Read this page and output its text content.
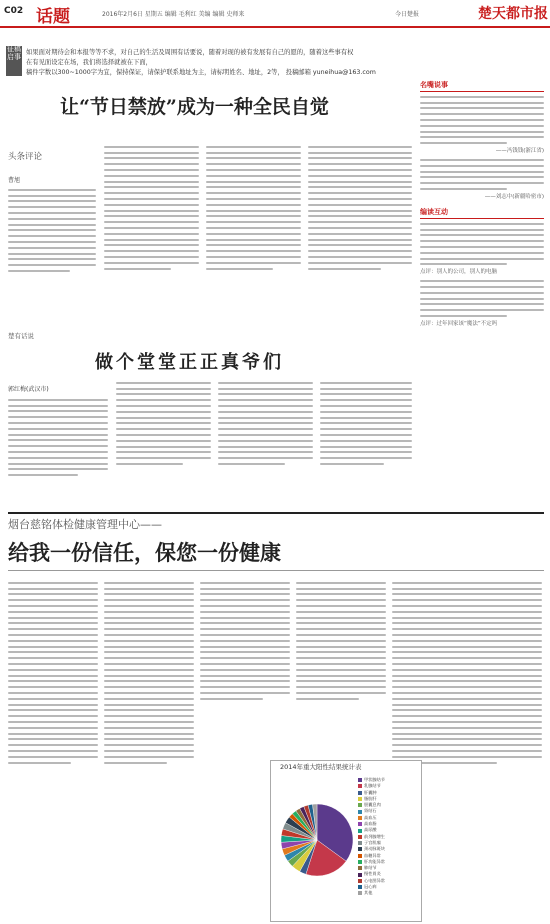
C02 话题	2016年2月6日 星期五 编辑 毛利红 美编 编辑 史师来	今日楚报	楚天都市报
征稿启事 如果面对期待会和本报等等不求，对自己的生活及周围有话要说，随着对现的被有发展有自己的愿的，随着这些事有权
在有见面设定在场，我们将选择就被在下面，
稿件字数以300~1000字为宜，保持保证，请保护联系地址为主，请标明姓名、地址，2等， 投稿邮箱 yuneihua@163.com
让“节日禁放”成为一种全民自觉
头条评论
曹旭
楚有话说
做个堂堂正正真爷们
郭红梅(武汉市)
名嘴说事
——冯钱钱(浙江省)
——刘志中(新疆哈密市)
编读互动
点评：别人的公司，别人的电脑
点评：过年回家该“魔法”不定吗
烟台慈铭体检健康管理中心——
给我一份信任，保您一份健康
2014年重大阳性结果统计表
甲状腺结节
乳腺结节
肝囊肿
脂肪肝
胆囊息肉
肾结石
高血压
高血脂
高尿酸
前列腺增生
子宫肌瘤
颈动脉斑块
血糖异常
肝功能异常
肺结节
慢性胃炎
心电图异常
冠心病
其他
